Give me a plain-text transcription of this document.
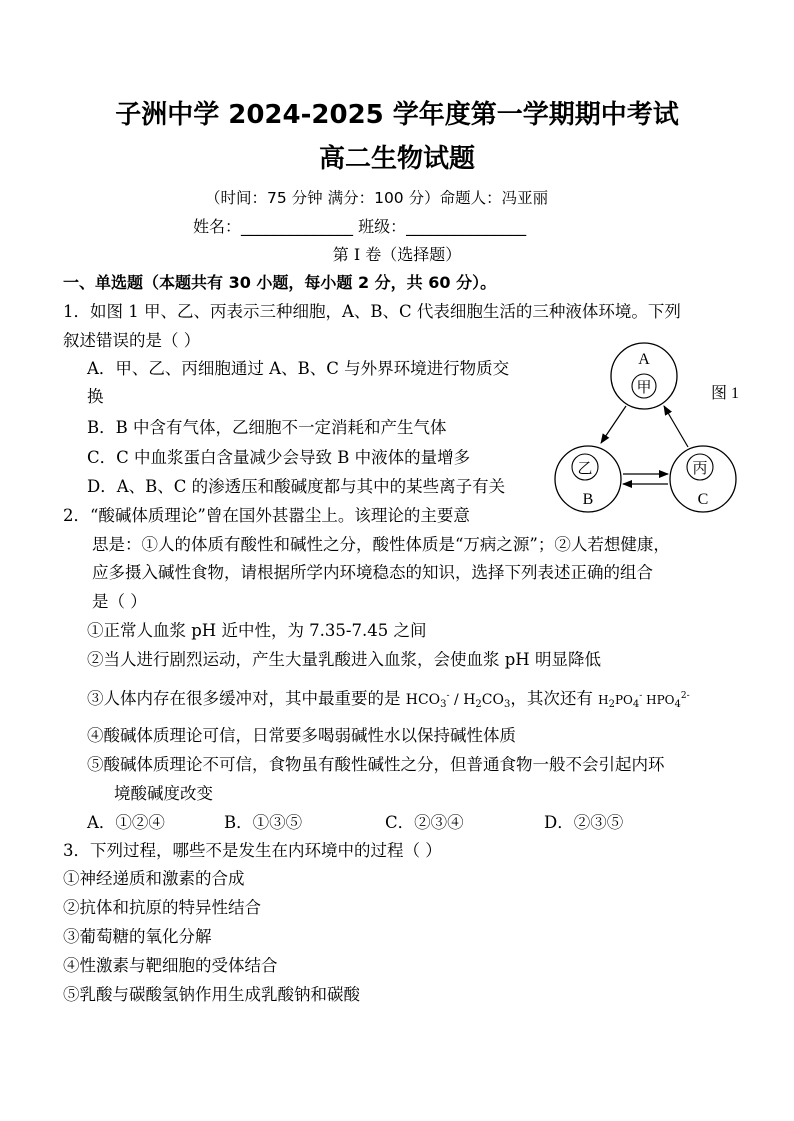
子洲中学 2024-2025 学年度第一学期期中考试
高二生物试题
（时间：75 分钟 满分：100 分）命题人：冯亚丽
姓名：______________ 班级：_______________
第 I 卷（选择题）
一、单选题（本题共有 30 小题，每小题 2 分，共 60 分）。
1．如图 1 甲、乙、丙表示三种细胞，A、B、C 代表细胞生活的三种液体环境。下列
叙述错误的是（ ）
A．甲、乙、丙细胞通过 A、B、C 与外界环境进行物质交
换
B．B 中含有气体，乙细胞不一定消耗和产生气体
C．C 中血浆蛋白含量减少会导致 B 中液体的量增多
D．A、B、C 的渗透压和酸碱度都与其中的某些离子有关
A
甲
乙
B
丙
C
图 1
2．“酸碱体质理论”曾在国外甚嚣尘上。该理论的主要意
思是：①人的体质有酸性和碱性之分，酸性体质是“万病之源”；②人若想健康，
应多摄入碱性食物，请根据所学内环境稳态的知识，选择下列表述正确的组合
是（ ）
①正常人血浆 pH 近中性，为 7.35-7.45 之间
②当人进行剧烈运动，产生大量乳酸进入血浆，会使血浆 pH 明显降低
③人体内存在很多缓冲对，其中最重要的是 $HCO_3^- / H_2CO_3$，其次还有 $H_2PO_4^-$ $HPO_4^{2-}$
④酸碱体质理论可信，日常要多喝弱碱性水以保持碱性体质
⑤酸碱体质理论不可信，食物虽有酸性碱性之分，但普通食物一般不会引起内环
境酸碱度改变
A．①②④	B．①③⑤	C．②③④	D．②③⑤
3．下列过程，哪些不是发生在内环境中的过程（ ）
①神经递质和激素的合成
②抗体和抗原的特异性结合
③葡萄糖的氧化分解
④性激素与靶细胞的受体结合
⑤乳酸与碳酸氢钠作用生成乳酸钠和碳酸
